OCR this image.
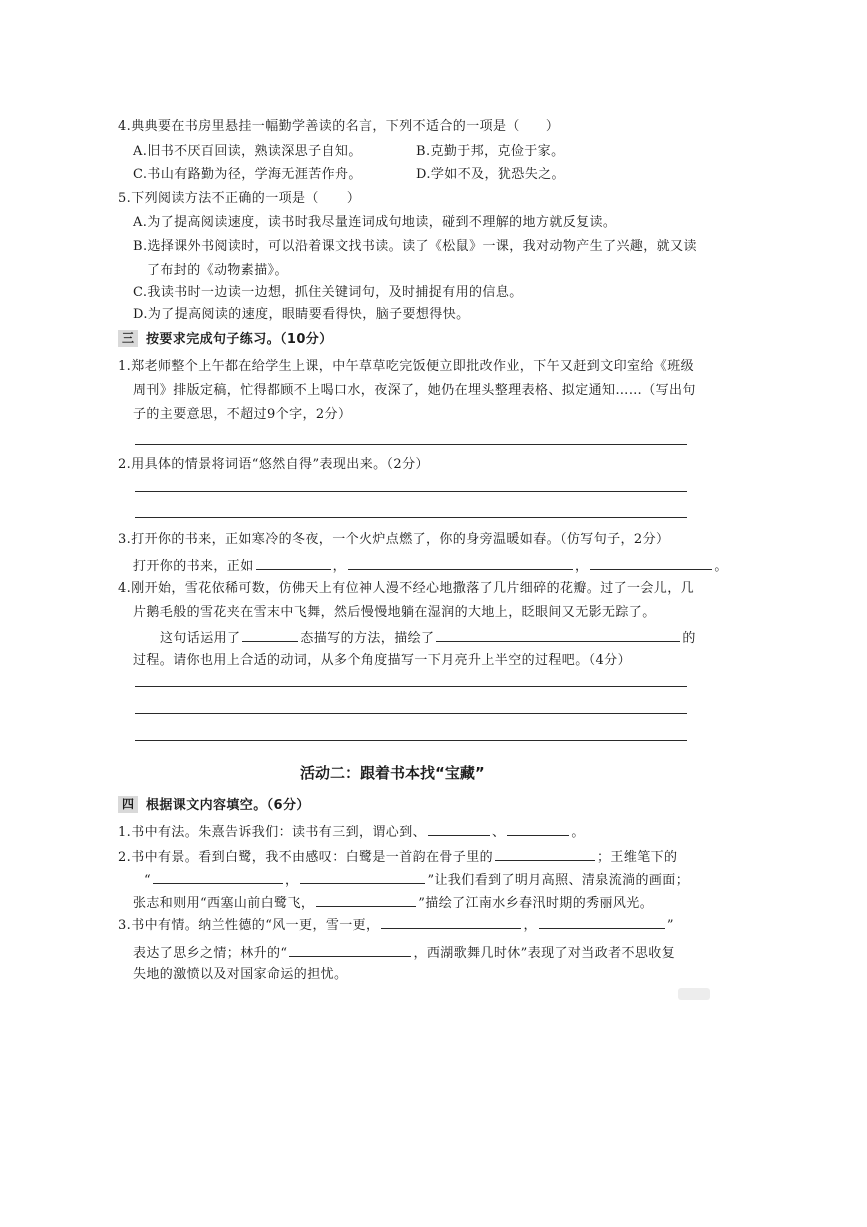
4.典典要在书房里悬挂一幅勤学善读的名言，下列不适合的一项是（ ）
A.旧书不厌百回读，熟读深思子自知。	B.克勤于邦，克俭于家。
C.书山有路勤为径，学海无涯苦作舟。	D.学如不及，犹恐失之。
5.下列阅读方法不正确的一项是（ ）
A.为了提高阅读速度，读书时我尽量连词成句地读，碰到不理解的地方就反复读。
B.选择课外书阅读时，可以沿着课文找书读。读了《松鼠》一课，我对动物产生了兴趣，就又读
了布封的《动物素描》。
C.我读书时一边读一边想，抓住关键词句，及时捕捉有用的信息。
D.为了提高阅读的速度，眼睛要看得快，脑子要想得快。
三 按要求完成句子练习。（10分）
1.郑老师整个上午都在给学生上课，中午草草吃完饭便立即批改作业，下午又赶到文印室给《班级
周刊》排版定稿，忙得都顾不上喝口水，夜深了，她仍在埋头整理表格、拟定通知……（写出句
子的主要意思，不超过9个字，2分）
2.用具体的情景将词语“悠然自得”表现出来。（2分）
3.打开你的书来，正如寒冷的冬夜，一个火炉点燃了，你的身旁温暖如春。（仿写句子，2分）
打开你的书来，正如	，	，	。
4.刚开始，雪花依稀可数，仿佛天上有位神人漫不经心地撒落了几片细碎的花瓣。过了一会儿，几
片鹅毛般的雪花夹在雪末中飞舞，然后慢慢地躺在湿润的大地上，眨眼间又无影无踪了。
这句话运用了	态描写的方法，描绘了	的
过程。请你也用上合适的动词，从多个角度描写一下月亮升上半空的过程吧。（4分）
活动二：跟着书本找“宝藏”
四 根据课文内容填空。（6分）
1.书中有法。朱熹告诉我们：读书有三到，谓心到、	、	。
2.书中有景。看到白鹭，我不由感叹：白鹭是一首韵在骨子里的	；王维笔下的
“	，	”让我们看到了明月高照、清泉流淌的画面；
张志和则用“西塞山前白鹭飞，	”描绘了江南水乡春汛时期的秀丽风光。
3.书中有情。纳兰性德的“风一更，雪一更，	，	”
表达了思乡之情；林升的“	，西湖歌舞几时休”表现了对当政者不思收复
失地的激愤以及对国家命运的担忧。
